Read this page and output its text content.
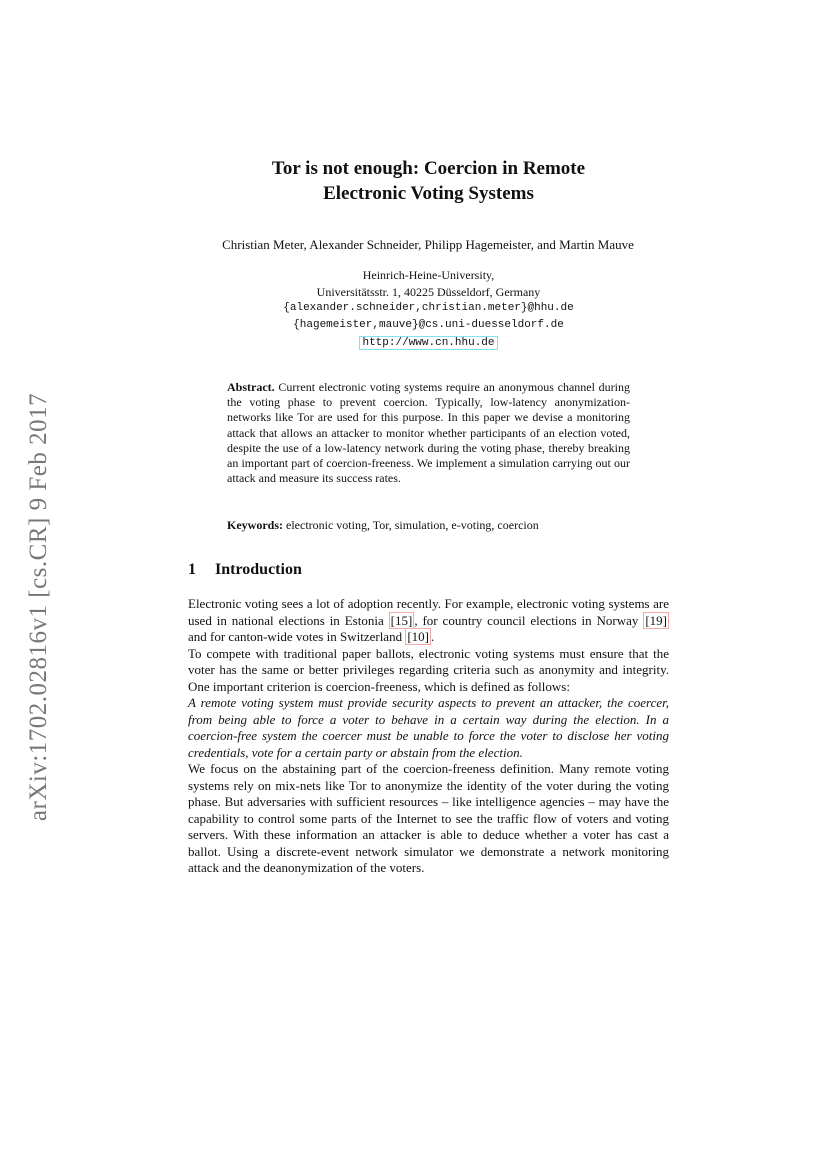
arXiv:1702.02816v1 [cs.CR] 9 Feb 2017
Tor is not enough: Coercion in Remote
Electronic Voting Systems
Christian Meter, Alexander Schneider, Philipp Hagemeister, and Martin Mauve
Heinrich-Heine-University,
Universitätsstr. 1, 40225 Düsseldorf, Germany
{alexander.schneider,christian.meter}@hhu.de
{hagemeister,mauve}@cs.uni-duesseldorf.de
http://www.cn.hhu.de
Abstract. Current electronic voting systems require an anonymous channel during the voting phase to prevent coercion. Typically, low-latency anonymization-networks like Tor are used for this purpose. In this paper we devise a monitoring attack that allows an attacker to monitor whether participants of an election voted, despite the use of a low-latency network during the voting phase, thereby breaking an important part of coercion-freeness. We implement a simulation carrying out our attack and measure its success rates.
Keywords: electronic voting, Tor, simulation, e-voting, coercion
1 Introduction

Electronic voting sees a lot of adoption recently. For example, electronic voting systems are used in national elections in Estonia [15] , for country council elections in Norway [19] and for canton-wide votes in Switzerland [10] .

To compete with traditional paper ballots, electronic voting systems must ensure that the voter has the same or better privileges regarding criteria such as anonymity and integrity. One important criterion is coercion-freeness, which is defined as follows:

A remote voting system must provide security aspects to prevent an attacker, the coercer, from being able to force a voter to behave in a certain way during the election. In a coercion-free system the coercer must be unable to force the voter to disclose her voting credentials, vote for a certain party or abstain from the election.

We focus on the abstaining part of the coercion-freeness definition. Many remote voting systems rely on mix-nets like Tor to anonymize the identity of the voter during the voting phase. But adversaries with sufficient resources – like intelligence agencies – may have the capability to control some parts of the Internet to see the traffic flow of voters and voting servers. With these information an attacker is able to deduce whether a voter has cast a ballot. Using a discrete-event network simulator we demonstrate a network monitoring attack and the deanonymization of the voters.
